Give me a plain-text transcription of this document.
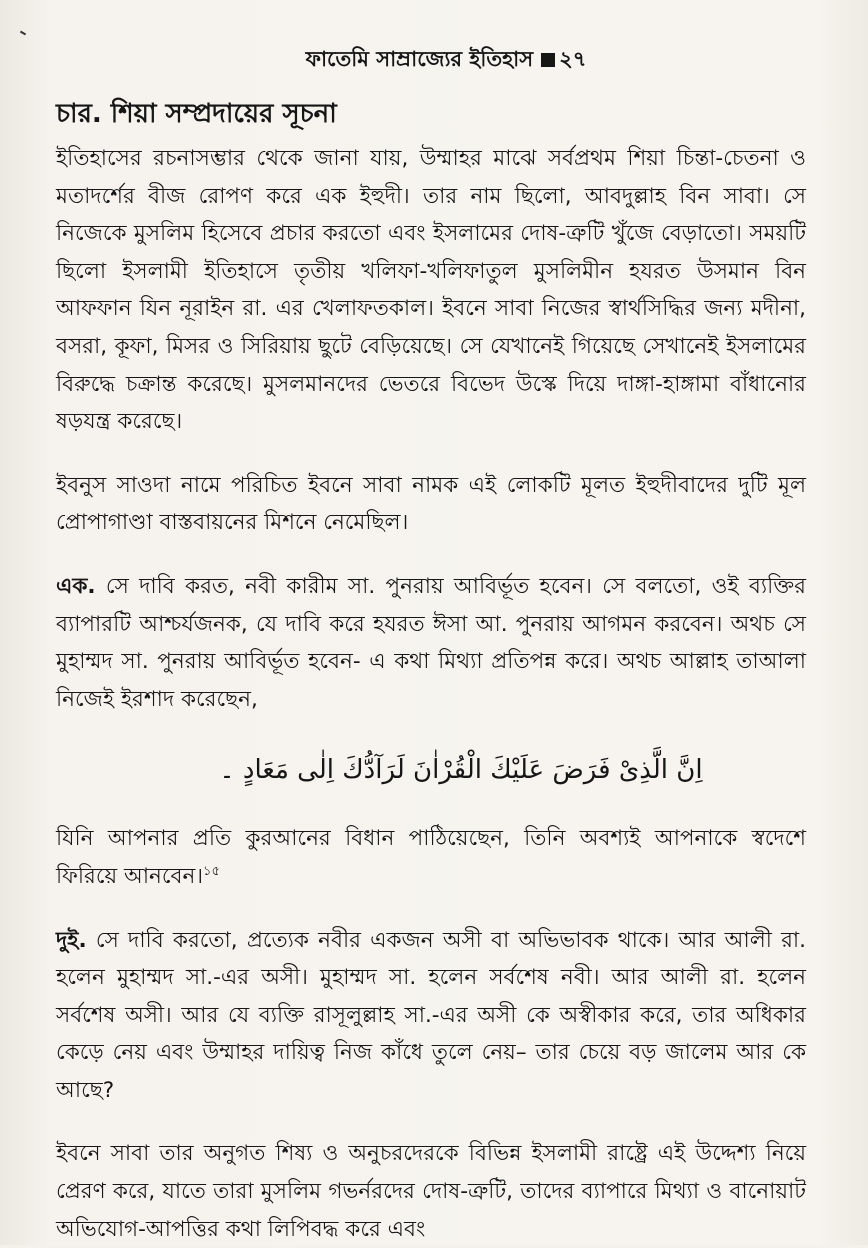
ফাতেমি সাম্রাজ্যের ইতিহাস ২৭
চার. শিয়া সম্প্রদায়ের সূচনা

ইতিহাসের রচনাসম্ভার থেকে জানা যায়, উম্মাহর মাঝে সর্বপ্রথম শিয়া চিন্তা-চেতনা ও মতাদর্শের বীজ রোপণ করে এক ইহুদী। তার নাম ছিলো, আবদুল্লাহ বিন সাবা। সে নিজেকে মুসলিম হিসেবে প্রচার করতো এবং ইসলামের দোষ-ত্রুটি খুঁজে বেড়াতো। সময়টি ছিলো ইসলামী ইতিহাসে তৃতীয় খলিফা-খলিফাতুল মুসলিমীন হযরত উসমান বিন আফফান যিন নূরাইন রা. এর খেলাফতকাল। ইবনে সাবা নিজের স্বার্থসিদ্ধির জন্য মদীনা, বসরা, কূফা, মিসর ও সিরিয়ায় ছুটে বেড়িয়েছে। সে যেখানেই গিয়েছে সেখানেই ইসলামের বিরুদ্ধে চক্রান্ত করেছে। মুসলমানদের ভেতরে বিভেদ উস্কে দিয়ে দাঙ্গা-হাঙ্গামা বাঁধানোর ষড়যন্ত্র করেছে।

ইবনুস সাওদা নামে পরিচিত ইবনে সাবা নামক এই লোকটি মূলত ইহুদীবাদের দুটি মূল প্রোপাগাণ্ডা বাস্তবায়নের মিশনে নেমেছিল।

এক. সে দাবি করত, নবী কারীম সা. পুনরায় আবির্ভূত হবেন। সে বলতো, ওই ব্যক্তির ব্যাপারটি আশ্চর্যজনক, যে দাবি করে হযরত ঈসা আ. পুনরায় আগমন করবেন। অথচ সে মুহাম্মদ সা. পুনরায় আবির্ভূত হবেন- এ কথা মিথ্যা প্রতিপন্ন করে। অথচ আল্লাহ তাআলা নিজেই ইরশাদ করেছেন,

اِنَّ الَّذِیْ فَرَضَ عَلَیْكَ الْقُرْاٰنَ لَرَآدُّكَ اِلٰى مَعَادٍ ۔

যিনি আপনার প্রতি কুরআনের বিধান পাঠিয়েছেন, তিনি অবশ্যই আপনাকে স্বদেশে ফিরিয়ে আনবেন।$^{১৫}$

দুই. সে দাবি করতো, প্রত্যেক নবীর একজন অসী বা অভিভাবক থাকে। আর আলী রা. হলেন মুহাম্মদ সা.-এর অসী। মুহাম্মদ সা. হলেন সর্বশেষ নবী। আর আলী রা. হলেন সর্বশেষ অসী। আর যে ব্যক্তি রাসূলুল্লাহ সা.-এর অসী কে অস্বীকার করে, তার অধিকার কেড়ে নেয় এবং উম্মাহর দায়িত্ব নিজ কাঁধে তুলে নেয়– তার চেয়ে বড় জালেম আর কে আছে?

ইবনে সাবা তার অনুগত শিষ্য ও অনুচরদেরকে বিভিন্ন ইসলামী রাষ্ট্রে এই উদ্দেশ্য নিয়ে প্রেরণ করে, যাতে তারা মুসলিম গভর্নরদের দোষ-ত্রুটি, তাদের ব্যাপারে মিথ্যা ও বানোয়াট অভিযোগ-আপত্তির কথা লিপিবদ্ধ করে এবং
